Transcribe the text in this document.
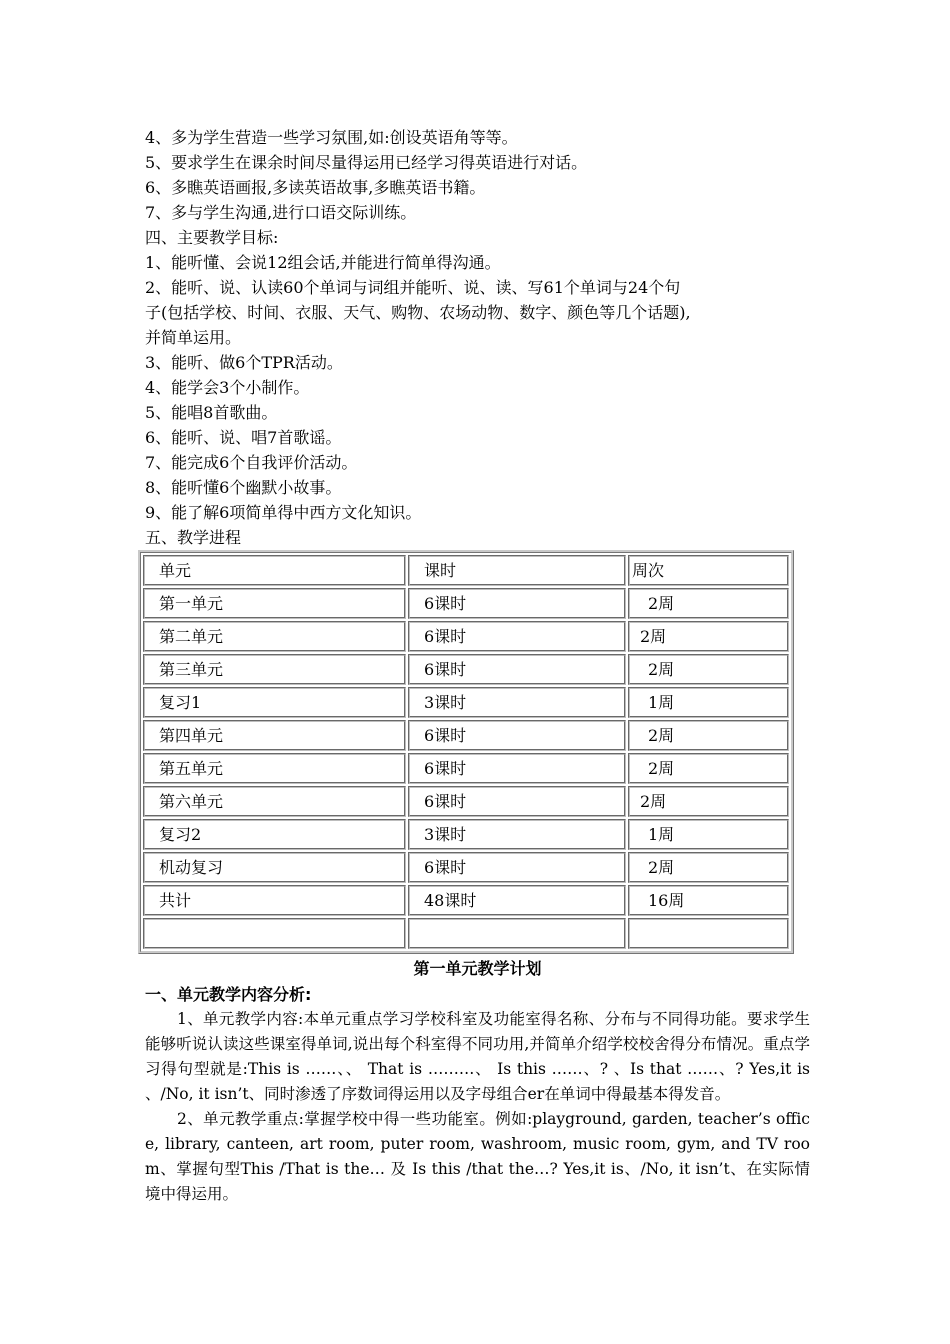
4、多为学生营造一些学习氛围,如:创设英语角等等。
5、要求学生在课余时间尽量得运用已经学习得英语进行对话。
6、多瞧英语画报,多读英语故事,多瞧英语书籍。
7、多与学生沟通,进行口语交际训练。
四、主要教学目标:
1、能听懂、会说12组会话,并能进行简单得沟通。
2、能听、说、认读60个单词与词组并能听、说、读、写61个单词与24个句
子(包括学校、时间、衣服、天气、购物、农场动物、数字、颜色等几个话题),
并简单运用。
3、能听、做6个TPR活动。
4、能学会3个小制作。
5、能唱8首歌曲。
6、能听、说、唱7首歌谣。
7、能完成6个自我评价活动。
8、能听懂6个幽默小故事。
9、能了解6项简单得中西方文化知识。
五、教学进程
单元	课时	周次
第一单元	6课时	2周
第二单元	6课时	2周
第三单元	6课时	2周
复习1	3课时	1周
第四单元	6课时	2周
第五单元	6课时	2周
第六单元	6课时	2周
复习2	3课时	1周
机动复习	6课时	2周
共计	48课时	16周

第一单元教学计划
一、单元教学内容分析:
1、单元教学内容:本单元重点学习学校科室及功能室得名称、分布与不同得功能。要求学生能够听说认读这些课室得单词,说出每个科室得不同功用,并简单介绍学校校舍得分布情况。重点学习得句型就是:This is ……、、 That is ………、 Is this ……、? 、Is that ……、? Yes,it is 、/No, it isn’t、同时渗透了序数词得运用以及字母组合er在单词中得最基本得发音。
2、单元教学重点:掌握学校中得一些功能室。例如:playground, garden, teacher’s office, library, canteen, art room, puter room, washroom, music room, gym, and TV room、掌握句型This /That is the… 及 Is this /that the…? Yes,it is、/No, it isn’t、在实际情境中得运用。
